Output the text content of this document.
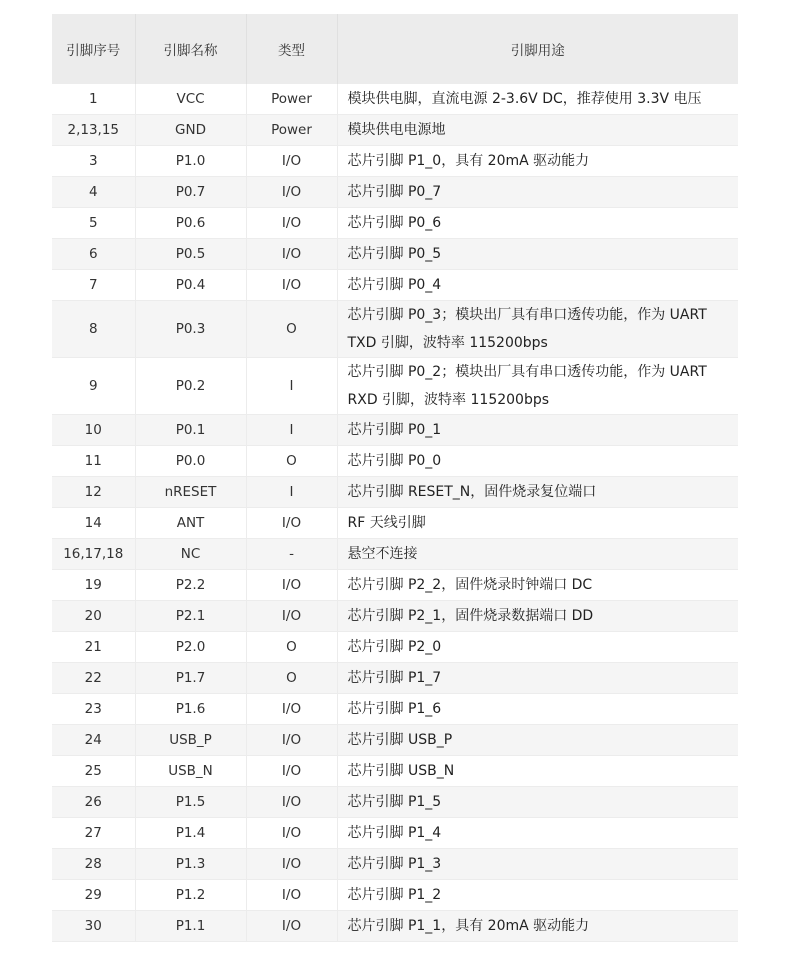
引脚序号	引脚名称	类型	引脚用途
1	VCC	Power	模块供电脚，直流电源 2-3.6V DC，推荐使用 3.3V 电压
2,13,15	GND	Power	模块供电电源地
3	P1.0	I/O	芯片引脚 P1_0，具有 20mA 驱动能力
4	P0.7	I/O	芯片引脚 P0_7
5	P0.6	I/O	芯片引脚 P0_6
6	P0.5	I/O	芯片引脚 P0_5
7	P0.4	I/O	芯片引脚 P0_4
8	P0.3	O	芯片引脚 P0_3；模块出厂具有串口透传功能，作为 UART TXD 引脚，波特率 115200bps
9	P0.2	I	芯片引脚 P0_2；模块出厂具有串口透传功能，作为 UART RXD 引脚，波特率 115200bps
10	P0.1	I	芯片引脚 P0_1
11	P0.0	O	芯片引脚 P0_0
12	nRESET	I	芯片引脚 RESET_N，固件烧录复位端口
14	ANT	I/O	RF 天线引脚
16,17,18	NC	-	悬空不连接
19	P2.2	I/O	芯片引脚 P2_2，固件烧录时钟端口 DC
20	P2.1	I/O	芯片引脚 P2_1，固件烧录数据端口 DD
21	P2.0	O	芯片引脚 P2_0
22	P1.7	O	芯片引脚 P1_7
23	P1.6	I/O	芯片引脚 P1_6
24	USB_P	I/O	芯片引脚 USB_P
25	USB_N	I/O	芯片引脚 USB_N
26	P1.5	I/O	芯片引脚 P1_5
27	P1.4	I/O	芯片引脚 P1_4
28	P1.3	I/O	芯片引脚 P1_3
29	P1.2	I/O	芯片引脚 P1_2
30	P1.1	I/O	芯片引脚 P1_1，具有 20mA 驱动能力
